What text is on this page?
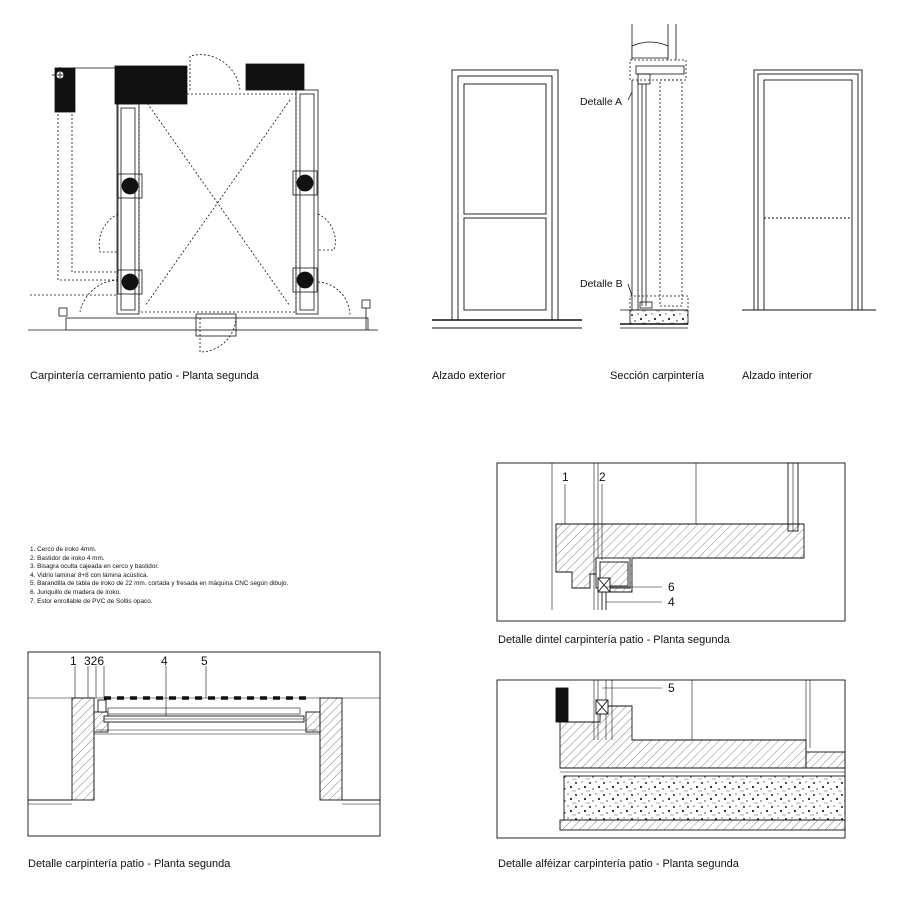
Carpintería cerramiento patio - Planta segunda	Alzado exterior	Sección carpintería	Alzado interior
Detalle dintel carpintería patio - Planta segunda
Detalle carpintería patio - Planta segunda	Detalle alféizar carpintería patio - Planta segunda
Detalle A
Detalle B
1. Cerco de iroko 4mm.
2. Bastidor de iroko 4 mm.
3. Bisagra oculta cajeada en cerco y bastidor.
4. Vidrio laminar 8+8 con lámina acústica.
5. Barandilla de tabla de iroko de 22 mm. cortada y fresada en máquina CNC según dibujo.
6. Junquillo de madera de iroko.
7. Estor enrollable de PVC de Soltis opaco.
1	2
6
4
1 326	4	5
5
